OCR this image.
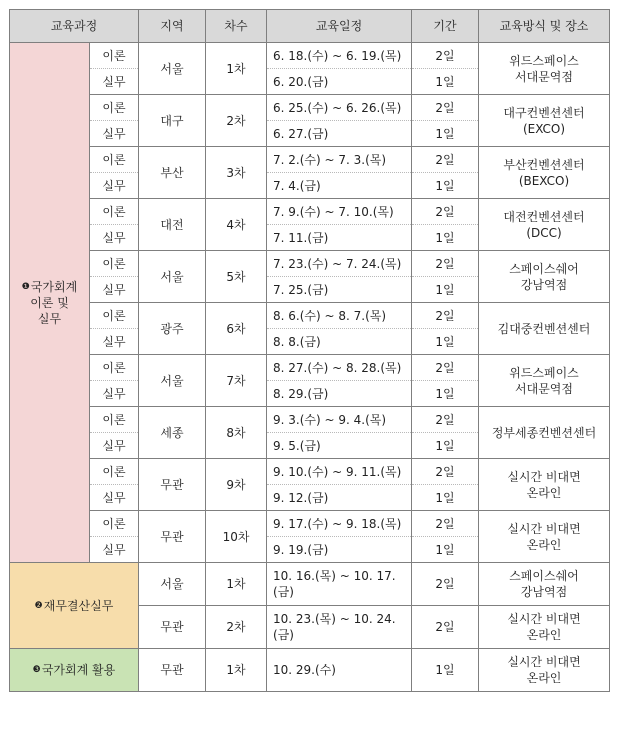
교육과정		지역	차수	교육일정	기간	교육방식 및 장소

❶국가회계
이론 및
실무	이론	서울	1차	6. 18.(수) ~ 6. 19.(목)	2일	위드스페이스
서대문역점

	실무			6. 20.(금)	1일	
	이론	대구	2차	6. 25.(수) ~ 6. 26.(목)	2일	대구컨벤션센터
(EXCO)

	실무			6. 27.(금)	1일	
	이론	부산	3차	7. 2.(수) ~ 7. 3.(목)	2일	부산컨벤션센터
(BEXCO)

	실무			7. 4.(금)	1일	
	이론	대전	4차	7. 9.(수) ~ 7. 10.(목)	2일	대전컨벤션센터
(DCC)

	실무			7. 11.(금)	1일	
	이론	서울	5차	7. 23.(수) ~ 7. 24.(목)	2일	스페이스쉐어
강남역점

	실무			7. 25.(금)	1일	
	이론	광주	6차	8. 6.(수) ~ 8. 7.(목)	2일	김대중컨벤션센터

	실무			8. 8.(금)	1일	
	이론	서울	7차	8. 27.(수) ~ 8. 28.(목)	2일	위드스페이스
서대문역점

	실무			8. 29.(금)	1일	
	이론	세종	8차	9. 3.(수) ~ 9. 4.(목)	2일	정부세종컨벤션센터

	실무			9. 5.(금)	1일	
	이론	무관	9차	9. 10.(수) ~ 9. 11.(목)	2일	실시간 비대면
온라인

	실무			9. 12.(금)	1일	
	이론	무관	10차	9. 17.(수) ~ 9. 18.(목)	2일	실시간 비대면
온라인

	실무			9. 19.(금)	1일	
❷재무결산실무		서울	1차	10. 16.(목) ~ 10. 17.(금)	2일	스페이스쉐어
강남역점

		무관	2차	10. 23.(목) ~ 10. 24.(금)	2일	실시간 비대면
온라인

❸국가회계 활용		무관	1차	10. 29.(수)	1일	실시간 비대면
온라인
